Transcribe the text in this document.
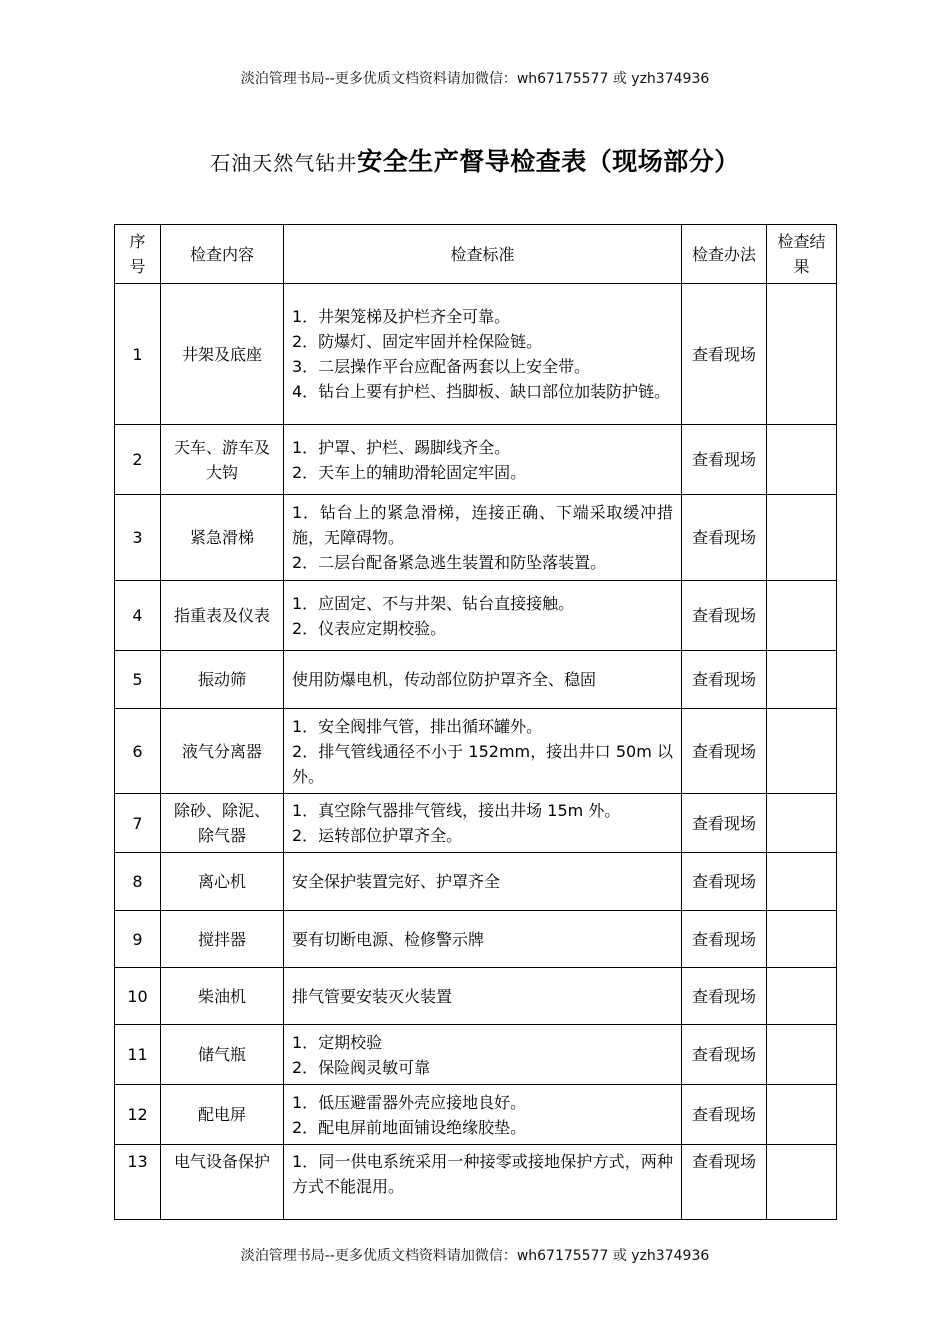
淡泊管理书局--更多优质文档资料请加微信：wh67175577 或 yzh374936
石油天然气钻井安全生产督导检查表（现场部分）
序号	检查内容	检查标准	检查办法	检查结果
1	井架及底座	1．井架笼梯及护栏齐全可靠。
2．防爆灯、固定牢固并栓保险链。
3．二层操作平台应配备两套以上安全带。
4．钻台上要有护栏、挡脚板、缺口部位加装防护链。	查看现场	
2	天车、游车及大钩	1．护罩、护栏、踢脚线齐全。
2．天车上的辅助滑轮固定牢固。	查看现场	
3	紧急滑梯	1．钻台上的紧急滑梯，连接正确、下端采取缓冲措施，无障碍物。
2．二层台配备紧急逃生装置和防坠落装置。	查看现场	
4	指重表及仪表	1．应固定、不与井架、钻台直接接触。
2．仪表应定期校验。	查看现场	
5	振动筛	使用防爆电机，传动部位防护罩齐全、稳固	查看现场	
6	液气分离器	1．安全阀排气管，排出循环罐外。
2．排气管线通径不小于 152mm，接出井口 50m 以外。	查看现场	
7	除砂、除泥、除气器	1．真空除气器排气管线，接出井场 15m 外。
2．运转部位护罩齐全。	查看现场	
8	离心机	安全保护装置完好、护罩齐全	查看现场	
9	搅拌器	要有切断电源、检修警示牌	查看现场	
10	柴油机	排气管要安装灭火装置	查看现场	
11	储气瓶	1．定期校验
2．保险阀灵敏可靠	查看现场	
12	配电屏	1．低压避雷器外壳应接地良好。
2．配电屏前地面铺设绝缘胶垫。	查看现场	
13	电气设备保护	1．同一供电系统采用一种接零或接地保护方式，两种方式不能混用。	查看现场	
淡泊管理书局--更多优质文档资料请加微信：wh67175577 或 yzh374936
